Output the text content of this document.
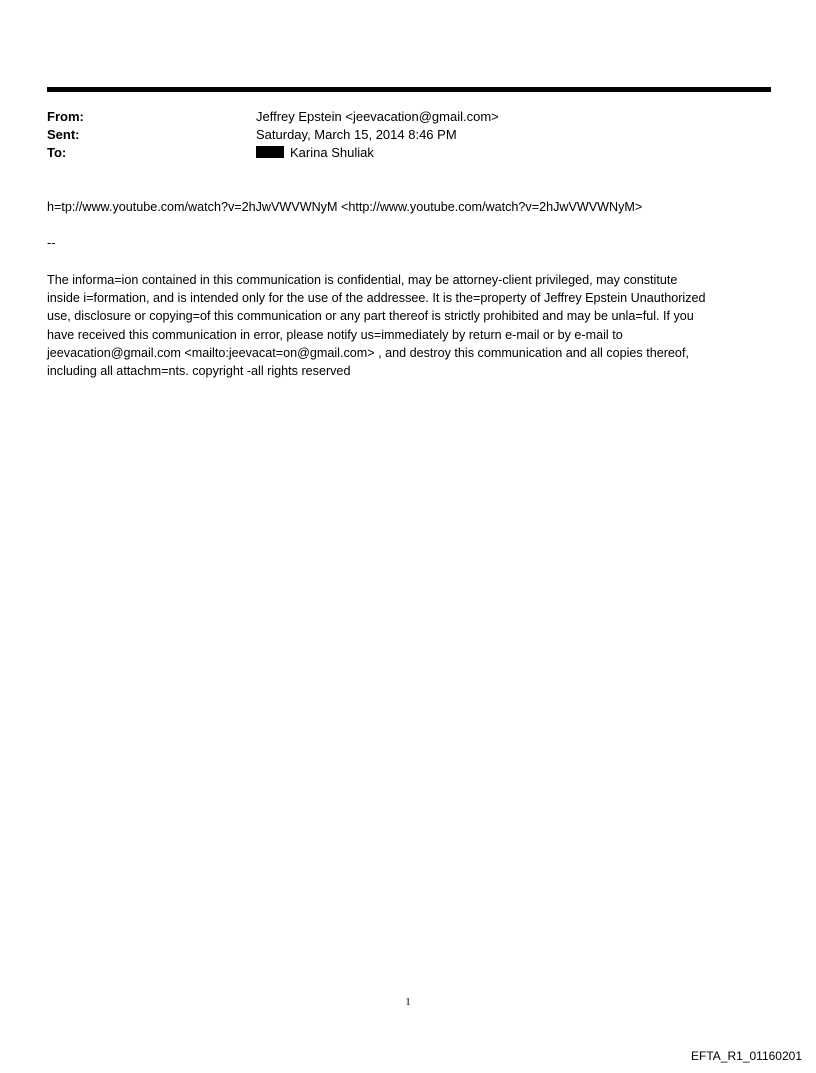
From:	Jeffrey Epstein <jeevacation@gmail.com>
Sent:	Saturday, March 15, 2014 8:46 PM
To:	Karina Shuliak
h=tp://www.youtube.com/watch?v=2hJwVWVWNyM <http://www.youtube.com/watch?v=2hJwVWVWNyM>
--
The informa=ion contained in this communication is confidential, may be attorney-client privileged, may constitute
inside i=formation, and is intended only for the use of the addressee. It is the=property of Jeffrey Epstein Unauthorized
use, disclosure or copying=of this communication or any part thereof is strictly prohibited and may be unla=ful. If you
have received this communication in error, please notify us=immediately by return e-mail or by e-mail to
jeevacation@gmail.com <mailto:jeevacat=on@gmail.com> , and destroy this communication and all copies thereof,
including all attachm=nts. copyright -all rights reserved
1
EFTA_R1_01160201
